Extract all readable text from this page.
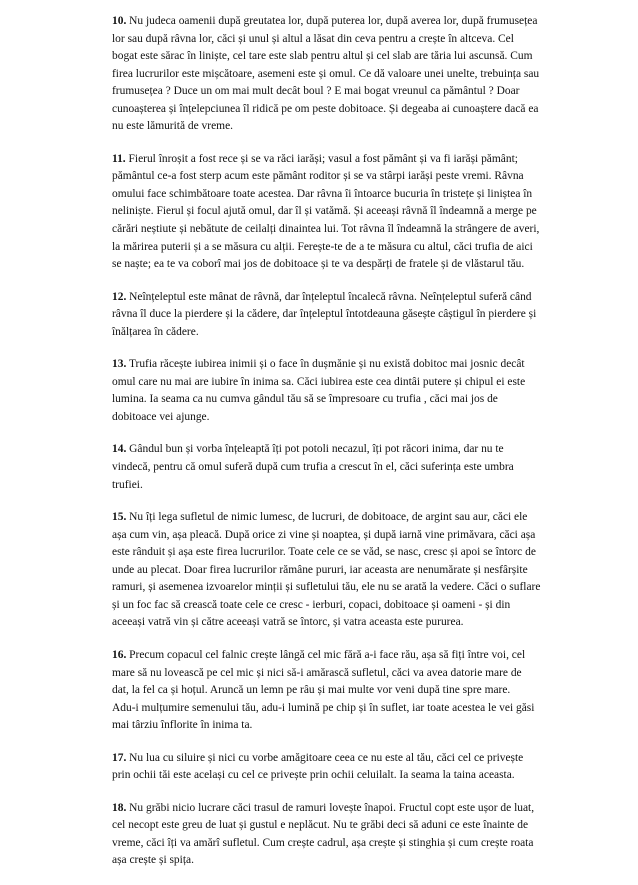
10. Nu judeca oamenii după greutatea lor, după puterea lor, după averea lor, după frumusețea
lor sau după râvna lor, căci și unul și altul a lăsat din ceva pentru a crește în altceva. Cel
bogat este sărac în liniște, cel tare este slab pentru altul și cel slab are tăria lui ascunsă. Cum
firea lucrurilor este mișcătoare, asemeni este și omul. Ce dă valoare unei unelte, trebuința sau
frumusețea ? Duce un om mai mult decât boul ? E mai bogat vreunul ca pământul ? Doar
cunoașterea și înțelepciunea îl ridică pe om peste dobitoace. Și degeaba ai cunoaștere dacă ea
nu este lămurită de vreme.
11. Fierul înroșit a fost rece și se va răci iarăși; vasul a fost pământ și va fi iarăși pământ;
pământul ce-a fost sterp acum este pământ roditor și se va stârpi iarăși peste vremi. Râvna
omului face schimbătoare toate acestea. Dar râvna îi întoarce bucuria în tristețe și liniștea în
neliniște. Fierul și focul ajută omul, dar îl și vatămă. Și aceeași râvnă îl îndeamnă a merge pe
cărări neștiute și nebătute de ceilalți dinaintea lui. Tot râvna îl îndeamnă la strângere de averi,
la mărirea puterii și a se măsura cu alții. Ferește-te de a te măsura cu altul, căci trufia de aici
se naște; ea te va coborî mai jos de dobitoace și te va despărți de fratele și de vlăstarul tău.
12. Neînțeleptul este mânat de râvnă, dar înțeleptul încalecă râvna. Neînțeleptul suferă când
râvna îl duce la pierdere și la cădere, dar înțeleptul întotdeauna găsește câștigul în pierdere și
înălțarea în cădere.
13. Trufia răcește iubirea inimii și o face în dușmănie și nu există dobitoc mai josnic decât
omul care nu mai are iubire în inima sa. Căci iubirea este cea dintâi putere și chipul ei este
lumina. Ia seama ca nu cumva gândul tău să se împresoare cu trufia , căci mai jos de
dobitoace vei ajunge.
14. Gândul bun și vorba înțeleaptă îți pot potoli necazul, îți pot răcori inima, dar nu te
vindecă, pentru că omul suferă după cum trufia a crescut în el, căci suferința este umbra
trufiei.
15. Nu îți lega sufletul de nimic lumesc, de lucruri, de dobitoace, de argint sau aur, căci ele
așa cum vin, așa pleacă. După orice zi vine și noaptea, și după iarnă vine primăvara, căci așa
este rânduit și așa este firea lucrurilor. Toate cele ce se văd, se nasc, cresc și apoi se întorc de
unde au plecat. Doar firea lucrurilor rămâne pururi, iar aceasta are nenumărate și nesfârșite
ramuri, și asemenea izvoarelor minții și sufletului tău, ele nu se arată la vedere. Căci o suflare
și un foc fac să crească toate cele ce cresc - ierburi, copaci, dobitoace și oameni - și din
aceeași vatră vin și către aceeași vatră se întorc, și vatra aceasta este pururea.
16. Precum copacul cel falnic crește lângă cel mic fără a-i face rău, așa să fiți între voi, cel
mare să nu lovească pe cel mic și nici să-i amărască sufletul, căci va avea datorie mare de
dat, la fel ca și hoțul. Aruncă un lemn pe râu și mai multe vor veni după tine spre mare.
Adu-i mulțumire semenului tău, adu-i lumină pe chip și în suflet, iar toate acestea le vei găsi
mai târziu înflorite în inima ta.
17. Nu lua cu siluire și nici cu vorbe amăgitoare ceea ce nu este al tău, căci cel ce privește
prin ochii tăi este același cu cel ce privește prin ochii celuilalt. Ia seama la taina aceasta.
18. Nu grăbi nicio lucrare căci trasul de ramuri lovește înapoi. Fructul copt este ușor de luat,
cel necopt este greu de luat și gustul e neplăcut. Nu te grăbi deci să aduni ce este înainte de
vreme, căci îți va amărî sufletul. Cum crește cadrul, așa crește și stinghia și cum crește roata
așa crește și spița.
